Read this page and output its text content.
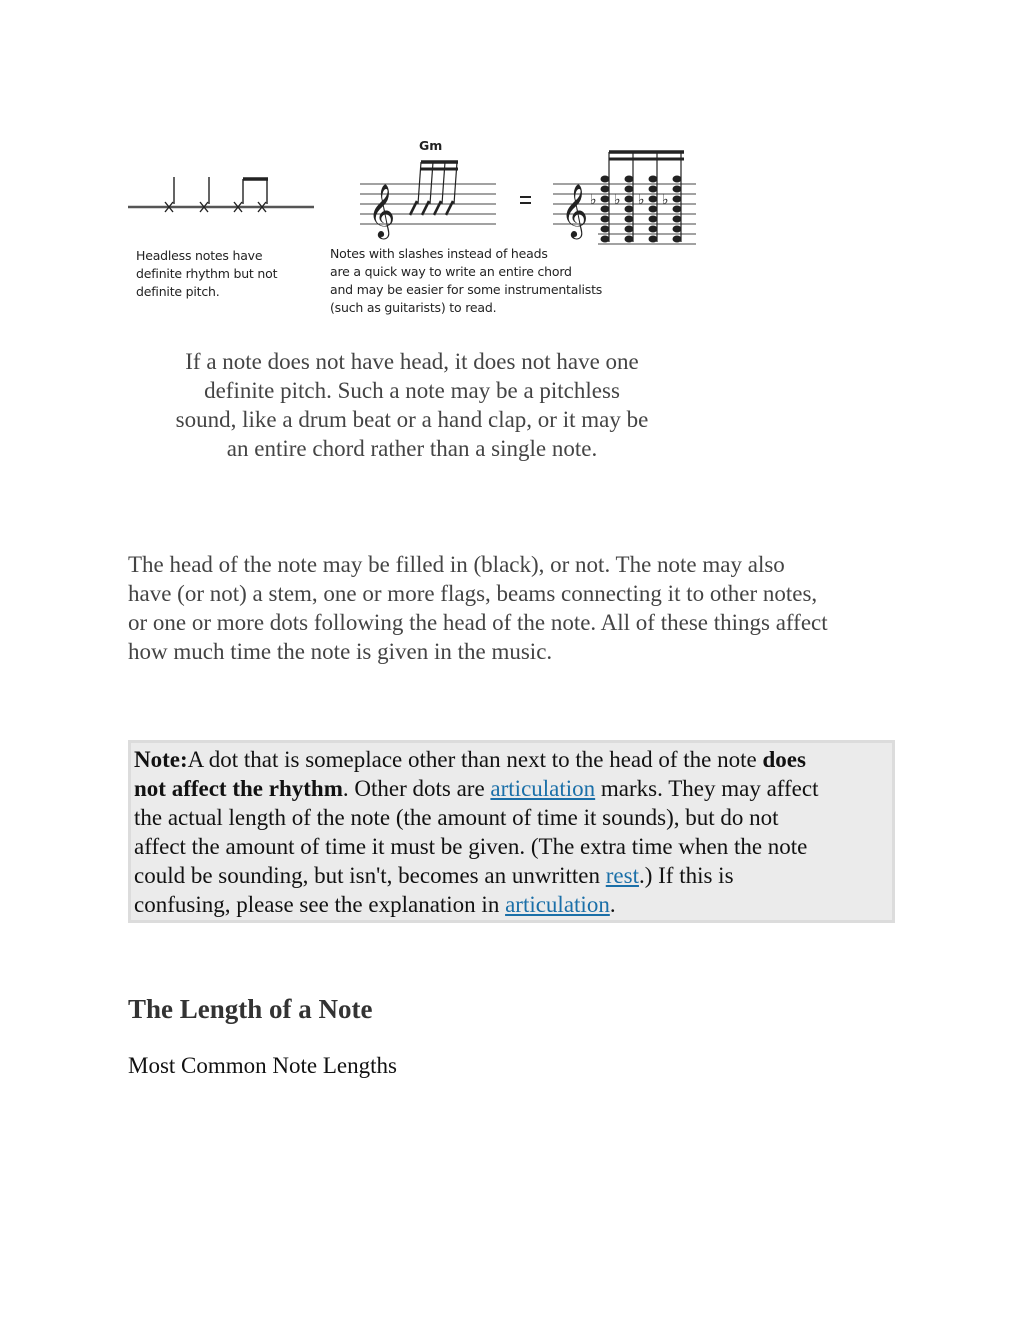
𝄞	𝄞 ♭ ♭ ♭ ♭
Gm
Headless notes have
definite rhythm but not
definite pitch.
Notes with slashes instead of heads
are a quick way to write an entire chord
and may be easier for some instrumentalists
(such as guitarists) to read.
If a note does not have head, it does not have one
definite pitch. Such a note may be a pitchless
sound, like a drum beat or a hand clap, or it may be
an entire chord rather than a single note.
The head of the note may be filled in (black), or not. The note may also
have (or not) a stem, one or more flags, beams connecting it to other notes,
or one or more dots following the head of the note. All of these things affect
how much time the note is given in the music.
Note:A dot that is someplace other than next to the head of the note does
not affect the rhythm. Other dots are articulation marks. They may affect
the actual length of the note (the amount of time it sounds), but do not
affect the amount of time it must be given. (The extra time when the note
could be sounding, but isn't, becomes an unwritten rest.) If this is
confusing, please see the explanation in articulation.
The Length of a Note
Most Common Note Lengths
